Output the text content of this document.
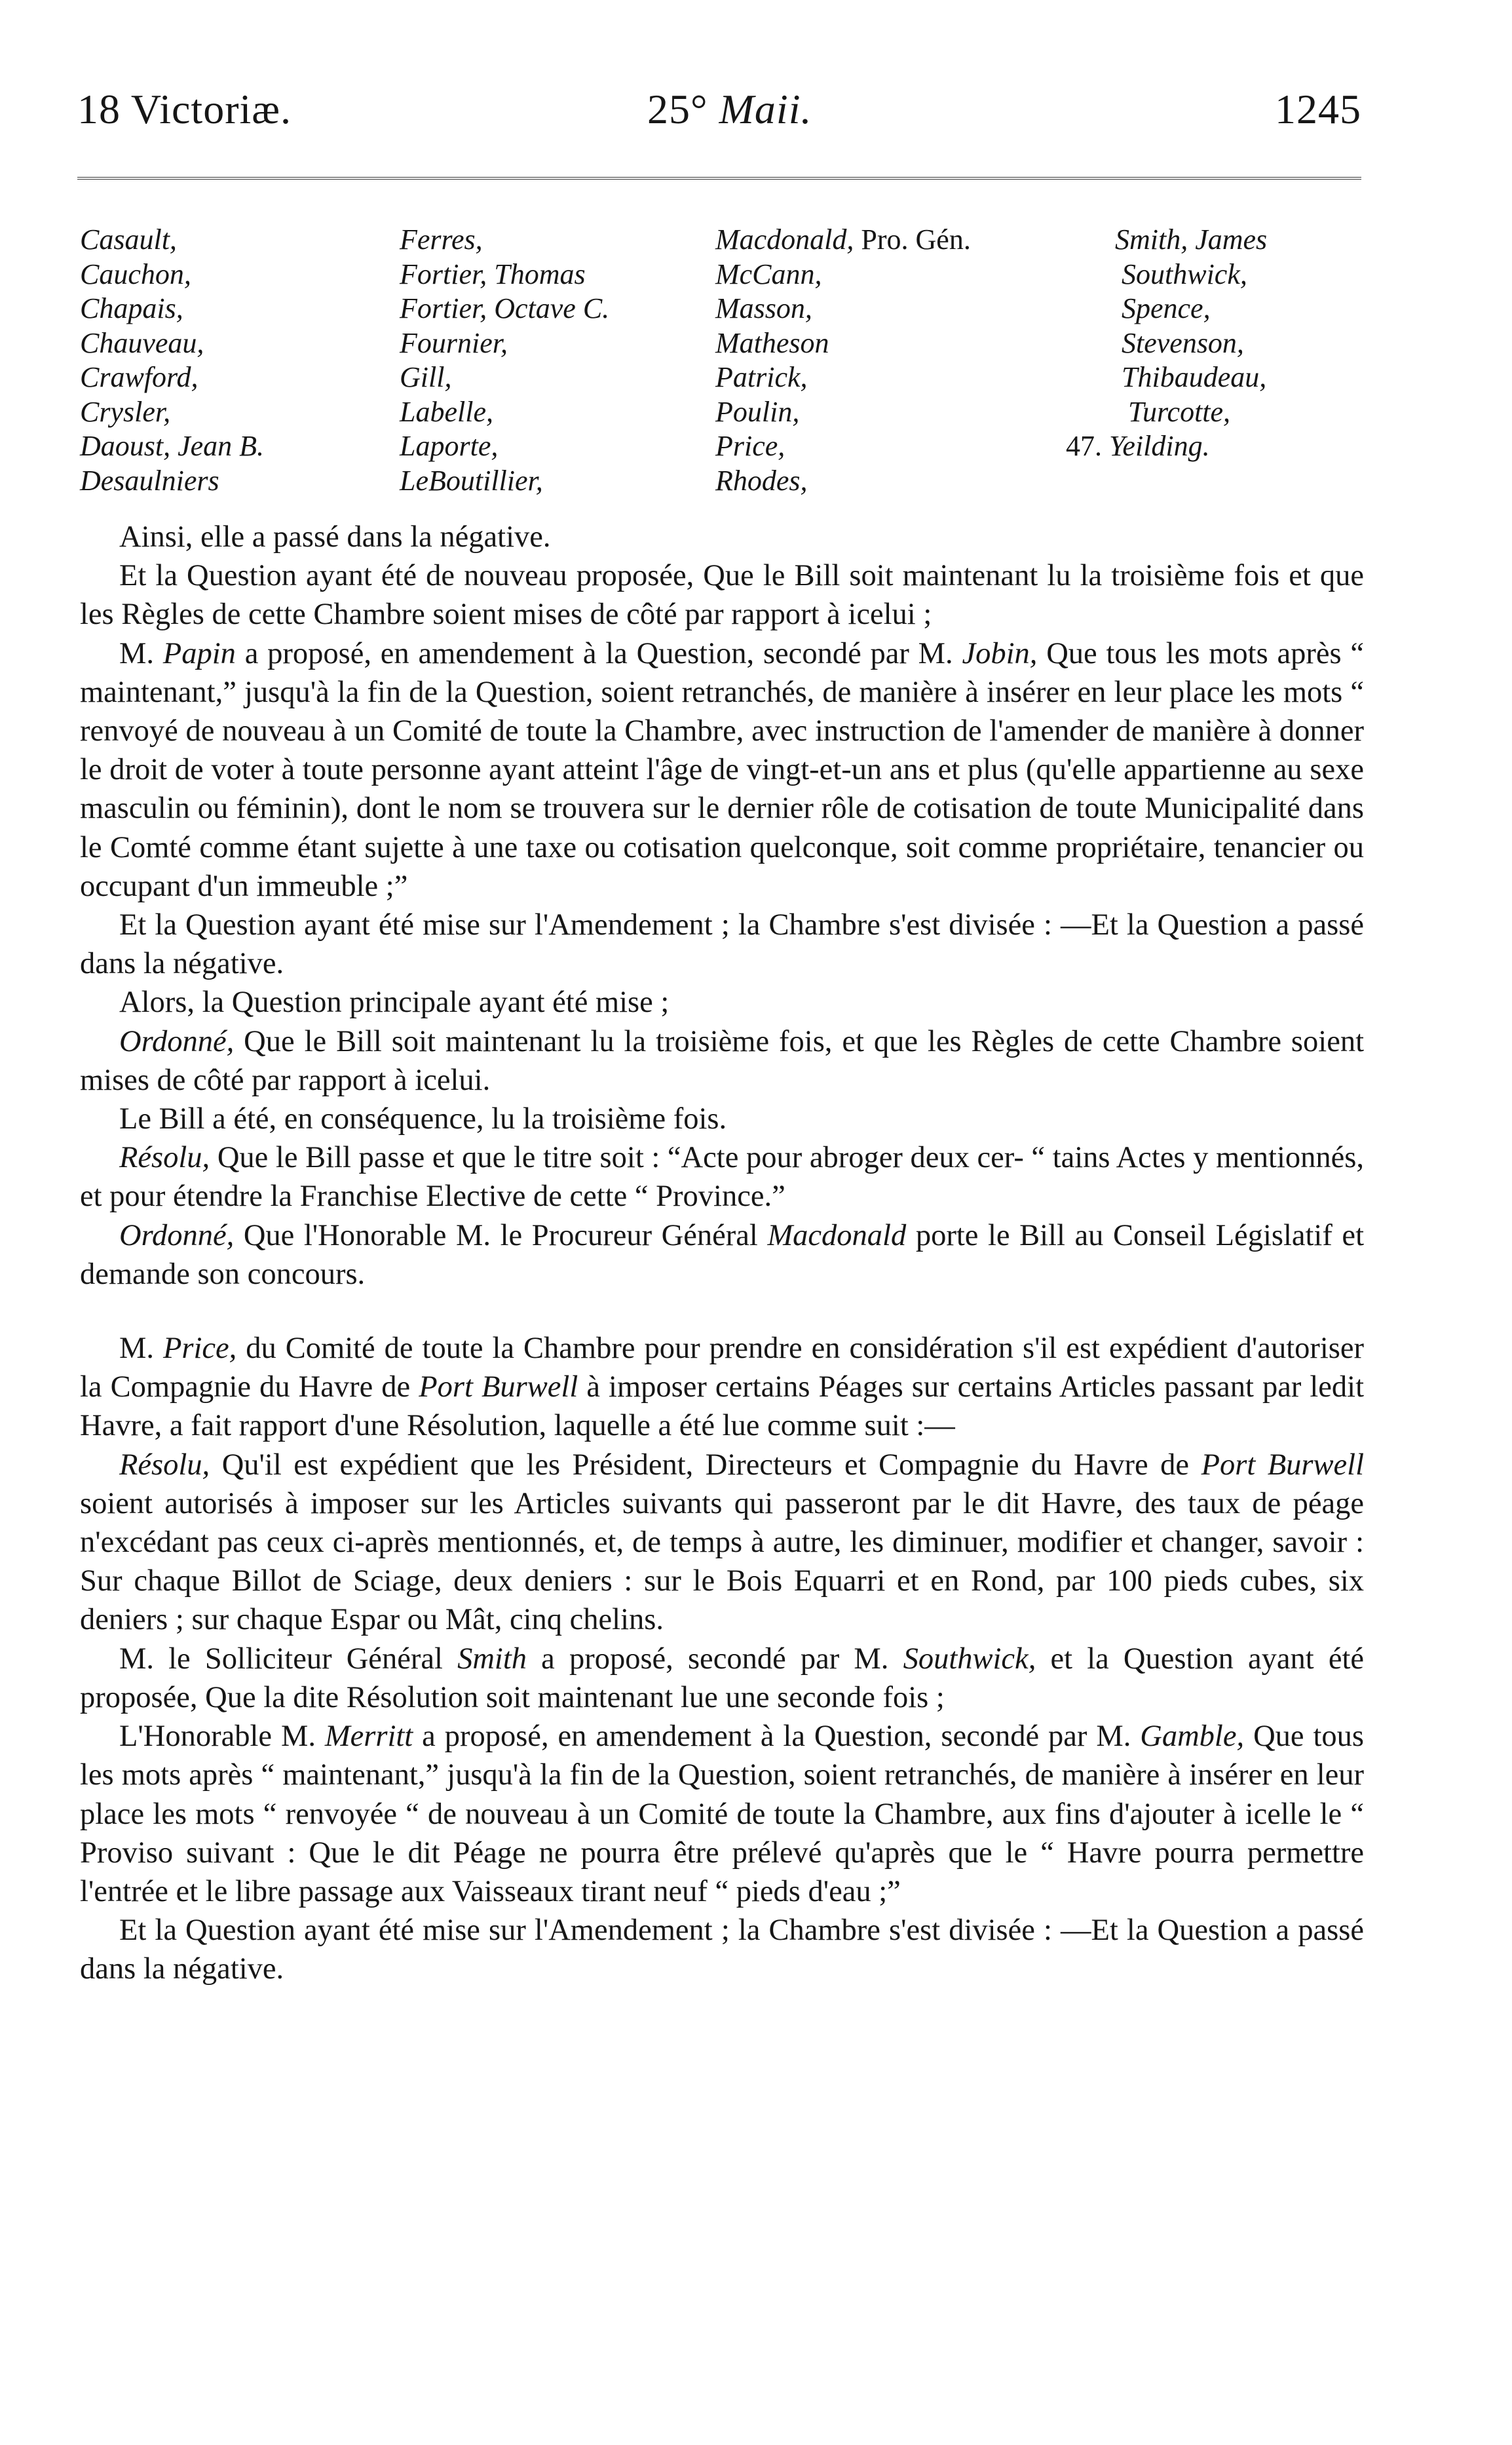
18 Victoriæ.	25° Maii.	1245
Casault,
Cauchon,
Chapais,
Chauveau,
Crawford,
Crysler,
Daoust, Jean B.
Desaulniers
Ferres,
Fortier, Thomas
Fortier, Octave C.
Fournier,
Gill,
Labelle,
Laporte,
LeBoutillier,
Macdonald, Pro. Gén.
McCann,
Masson,
Matheson
Patrick,
Poulin,
Price,
Rhodes,
Smith, James
Southwick,
Spence,
Stevenson,
Thibaudeau,
Turcotte,
47. Yeilding.

Ainsi, elle a passé dans la négative.

Et la Question ayant été de nouveau proposée, Que le Bill soit maintenant lu la troisième fois et que les Règles de cette Chambre soient mises de côté par rapport à icelui ;

M. Papin a proposé, en amendement à la Question, secondé par M. Jobin, Que tous les mots après “ maintenant,” jusqu'à la fin de la Question, soient retranchés, de manière à insérer en leur place les mots “ renvoyé de nouveau à un Comité de toute la Chambre, avec instruction de l'amender de manière à donner le droit de voter à toute personne ayant atteint l'âge de vingt-et-un ans et plus (qu'elle appartienne au sexe masculin ou féminin), dont le nom se trouvera sur le dernier rôle de cotisation de toute Municipalité dans le Comté comme étant sujette à une taxe ou cotisation quelconque, soit comme propriétaire, tenancier ou occupant d'un immeuble ;”

Et la Question ayant été mise sur l'Amendement ; la Chambre s'est divisée : —Et la Question a passé dans la négative.

Alors, la Question principale ayant été mise ;

Ordonné, Que le Bill soit maintenant lu la troisième fois, et que les Règles de cette Chambre soient mises de côté par rapport à icelui.

Le Bill a été, en conséquence, lu la troisième fois.

Résolu, Que le Bill passe et que le titre soit : “Acte pour abroger deux cer- “ tains Actes y mentionnés, et pour étendre la Franchise Elective de cette “ Province.”

Ordonné, Que l'Honorable M. le Procureur Général Macdonald porte le Bill au Conseil Législatif et demande son concours.

M. Price, du Comité de toute la Chambre pour prendre en considération s'il est expédient d'autoriser la Compagnie du Havre de Port Burwell à imposer certains Péages sur certains Articles passant par ledit Havre, a fait rapport d'une Résolution, laquelle a été lue comme suit :—

Résolu, Qu'il est expédient que les Président, Directeurs et Compagnie du Havre de Port Burwell soient autorisés à imposer sur les Articles suivants qui passeront par le dit Havre, des taux de péage n'excédant pas ceux ci-après mentionnés, et, de temps à autre, les diminuer, modifier et changer, savoir : Sur chaque Billot de Sciage, deux deniers : sur le Bois Equarri et en Rond, par 100 pieds cubes, six deniers ; sur chaque Espar ou Mât, cinq chelins.

M. le Solliciteur Général Smith a proposé, secondé par M. Southwick, et la Question ayant été proposée, Que la dite Résolution soit maintenant lue une seconde fois ;

L'Honorable M. Merritt a proposé, en amendement à la Question, secondé par M. Gamble, Que tous les mots après “ maintenant,” jusqu'à la fin de la Question, soient retranchés, de manière à insérer en leur place les mots “ renvoyée “ de nouveau à un Comité de toute la Chambre, aux fins d'ajouter à icelle le “ Proviso suivant : Que le dit Péage ne pourra être prélevé qu'après que le “ Havre pourra permettre l'entrée et le libre passage aux Vaisseaux tirant neuf “ pieds d'eau ;”

Et la Question ayant été mise sur l'Amendement ; la Chambre s'est divisée : —Et la Question a passé dans la négative.
